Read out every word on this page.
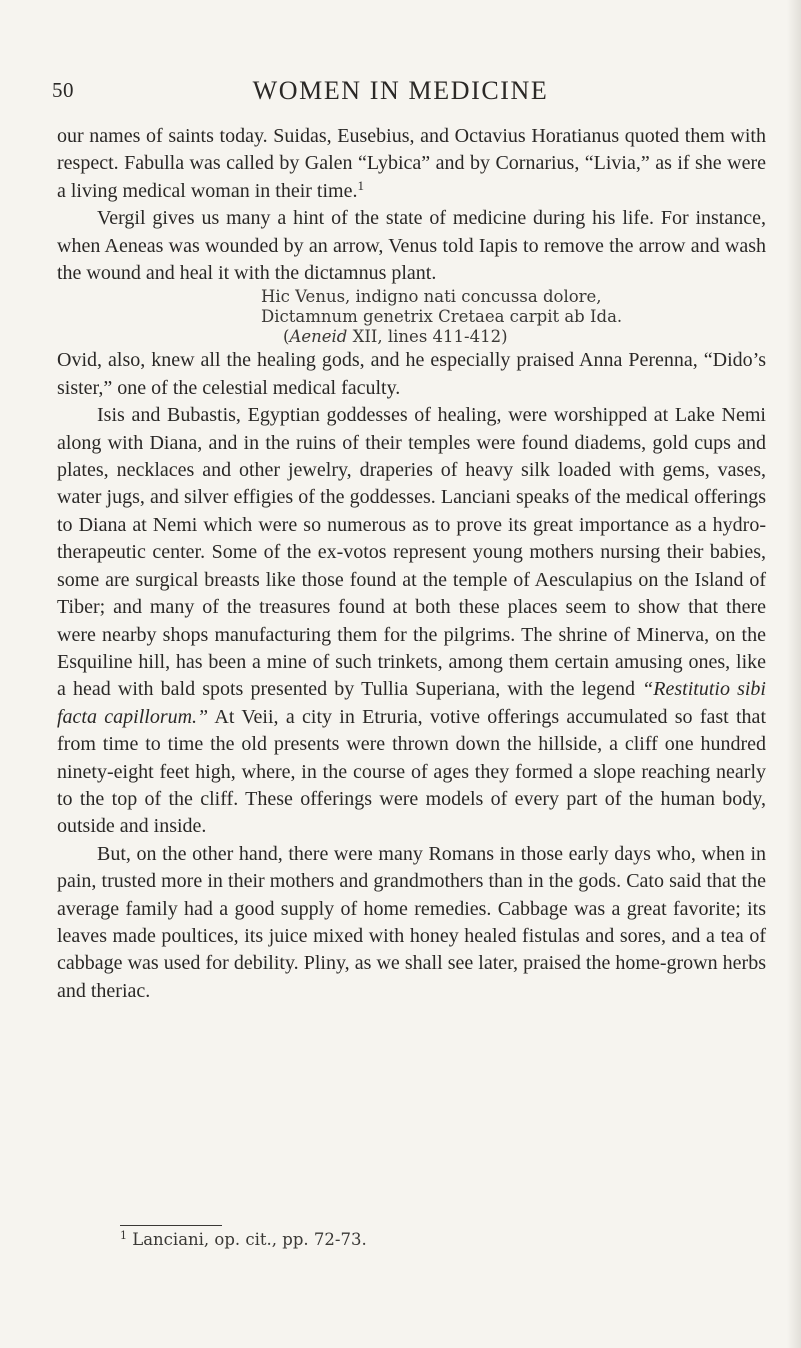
50	WOMEN IN MEDICINE

our names of saints today. Suidas, Eusebius, and Octavius Horatianus quoted them with respect. Fabulla was called by Galen “Lybica” and by Cornarius, “Livia,” as if she were a living medical woman in their time.$^1$

Vergil gives us many a hint of the state of medicine during his life. For instance, when Aeneas was wounded by an arrow, Venus told Iapis to remove the arrow and wash the wound and heal it with the dictamnus plant.

Hic Venus, indigno nati concussa dolore,
Dictamnum genetrix Cretaea carpit ab Ida.
(Aeneid XII, lines 411-412)

Ovid, also, knew all the healing gods, and he especially praised Anna Perenna, “Dido’s sister,” one of the celestial medical faculty.

Isis and Bubastis, Egyptian goddesses of healing, were worshipped at Lake Nemi along with Diana, and in the ruins of their temples were found diadems, gold cups and plates, necklaces and other jewelry, draperies of heavy silk loaded with gems, vases, water jugs, and silver effigies of the goddesses. Lanciani speaks of the medical offerings to Diana at Nemi which were so numerous as to prove its great importance as a hydro-therapeutic center. Some of the ex-votos represent young mothers nursing their babies, some are surgical breasts like those found at the temple of Aesculapius on the Island of Tiber; and many of the treasures found at both these places seem to show that there were nearby shops manufacturing them for the pilgrims. The shrine of Minerva, on the Esquiline hill, has been a mine of such trinkets, among them certain amusing ones, like a head with bald spots presented by Tullia Superiana, with the legend “Restitutio sibi facta capillorum.” At Veii, a city in Etruria, votive offerings accumulated so fast that from time to time the old presents were thrown down the hillside, a cliff one hundred ninety-eight feet high, where, in the course of ages they formed a slope reaching nearly to the top of the cliff. These offerings were models of every part of the human body, outside and inside.

But, on the other hand, there were many Romans in those early days who, when in pain, trusted more in their mothers and grandmothers than in the gods. Cato said that the average family had a good supply of home remedies. Cabbage was a great favorite; its leaves made poultices, its juice mixed with honey healed fistulas and sores, and a tea of cabbage was used for debility. Pliny, as we shall see later, praised the home-grown herbs and theriac.

$^1$ Lanciani, op. cit., pp. 72-73.
